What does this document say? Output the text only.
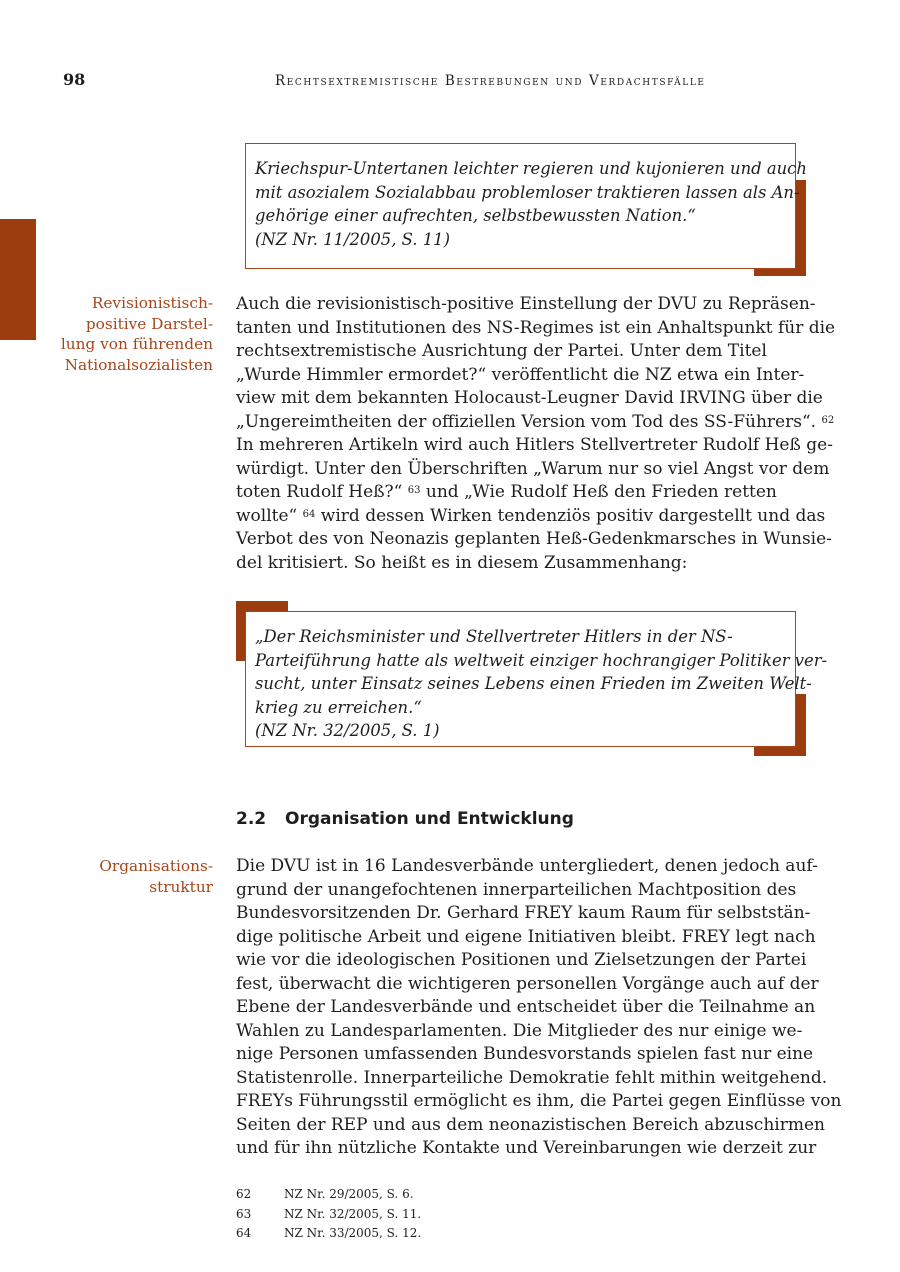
98	Rechtsextremistische Bestrebungen und Verdachtsfälle

Kriechspur-Untertanen leichter regieren und kujonieren und auch
mit asozialem Sozialabbau problemloser traktieren lassen als An-
gehörige einer aufrechten, selbstbewussten Nation.“
(NZ Nr. 11/2005, S. 11)

Revisionistisch-
positive Darstel-
lung von führenden
Nationalsozialisten

Auch die revisionistisch-positive Einstellung der DVU zu Repräsen-
tanten und Institutionen des NS-Regimes ist ein Anhaltspunkt für die
rechtsextremistische Ausrichtung der Partei. Unter dem Titel
„Wurde Himmler ermordet?“ veröffentlicht die NZ etwa ein Inter-
view mit dem bekannten Holocaust-Leugner David IRVING über die
„Ungereimtheiten der offiziellen Version vom Tod des SS-Führers“. $^{62}$
In mehreren Artikeln wird auch Hitlers Stellvertreter Rudolf Heß ge-
würdigt. Unter den Überschriften „Warum nur so viel Angst vor dem
toten Rudolf Heß?“ $^{63}$ und „Wie Rudolf Heß den Frieden retten
wollte“ $^{64}$ wird dessen Wirken tendenziös positiv dargestellt und das
Verbot des von Neonazis geplanten Heß-Gedenkmarsches in Wunsie-
del kritisiert. So heißt es in diesem Zusammenhang:

„Der Reichsminister und Stellvertreter Hitlers in der NS-
Parteiführung hatte als weltweit einziger hochrangiger Politiker ver-
sucht, unter Einsatz seines Lebens einen Frieden im Zweiten Welt-
krieg zu erreichen.“
(NZ Nr. 32/2005, S. 1)

2.2 Organisation und Entwicklung

Organisations-
struktur

Die DVU ist in 16 Landesverbände untergliedert, denen jedoch auf-
grund der unangefochtenen innerparteilichen Machtposition des
Bundesvorsitzenden Dr. Gerhard FREY kaum Raum für selbststän-
dige politische Arbeit und eigene Initiativen bleibt. FREY legt nach
wie vor die ideologischen Positionen und Zielsetzungen der Partei
fest, überwacht die wichtigeren personellen Vorgänge auch auf der
Ebene der Landesverbände und entscheidet über die Teilnahme an
Wahlen zu Landesparlamenten. Die Mitglieder des nur einige we-
nige Personen umfassenden Bundesvorstands spielen fast nur eine
Statistenrolle. Innerparteiliche Demokratie fehlt mithin weitgehend.
FREYs Führungsstil ermöglicht es ihm, die Partei gegen Einflüsse von
Seiten der REP und aus dem neonazistischen Bereich abzuschirmen
und für ihn nützliche Kontakte und Vereinbarungen wie derzeit zur

62	NZ Nr. 29/2005, S. 6.
63	NZ Nr. 32/2005, S. 11.
64	NZ Nr. 33/2005, S. 12.
